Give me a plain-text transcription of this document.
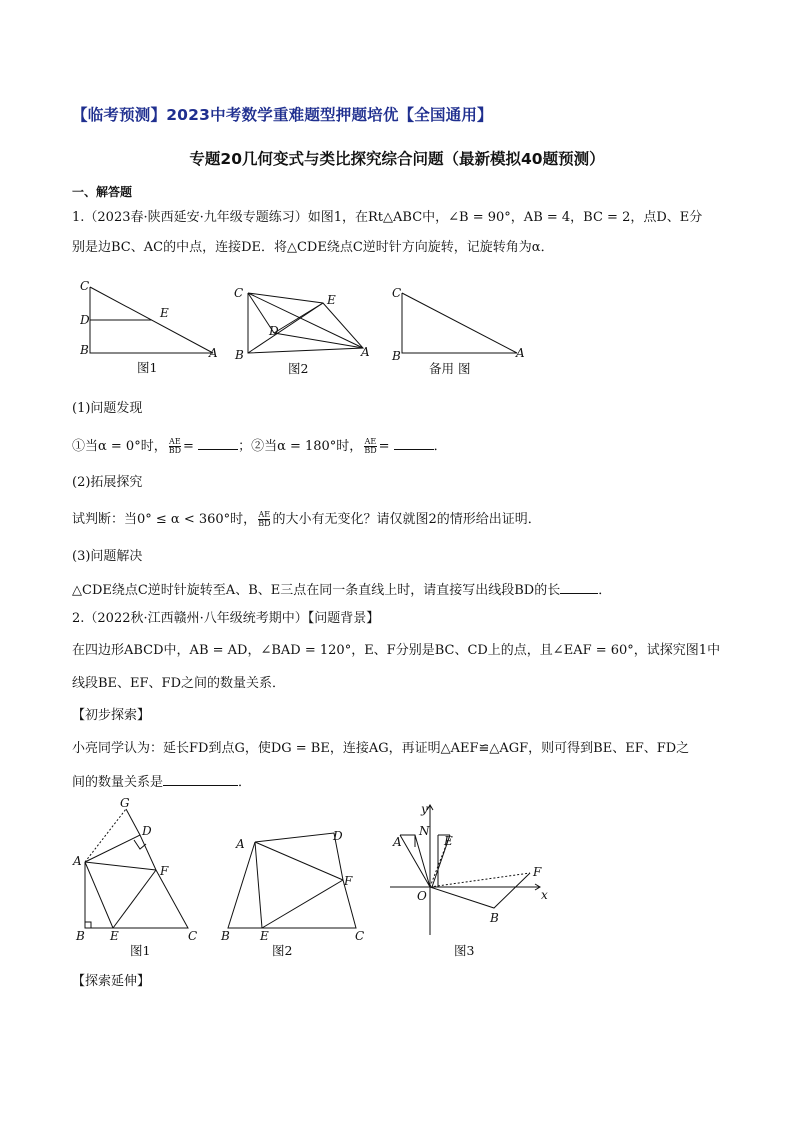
【临考预测】2023中考数学重难题型押题培优【全国通用】
专题20几何变式与类比探究综合问题（最新模拟40题预测）
一、解答题
1.（2023春·陕西延安·九年级专题练习）如图1，在Rt△ABC中，∠B = 90°，AB = 4，BC = 2，点D、E分
别是边BC、AC的中点，连接DE．将△CDE绕点C逆时针方向旋转，记旋转角为α．
C
D
B
E
A
C
B
D
E
A
C
B	A
图1	图2	备用 图
(1)问题发现
①当α = 0°时， $\frac{AE}{BD}$ =	；②当α = 180°时， $\frac{AE}{BD}$ =	．
(2)拓展探究
试判断：当0° ≤ α < 360°时， $\frac{AE}{BD}$ 的大小有无变化？请仅就图2的情形给出证明．
(3)问题解决
△CDE绕点C逆时针旋转至A、B、E三点在同一条直线上时，请直接写出线段BD的长	．
2.（2022秋·江西赣州·八年级统考期中）【问题背景】
在四边形ABCD中，AB = AD，∠BAD = 120°，E、F分别是BC、CD上的点，且∠EAF = 60°，试探究图1中
线段BE、EF、FD之间的数量关系．
【初步探索】
小亮同学认为：延长FD到点G，使DG = BE，连接AG，再证明△AEF≌△AGF，则可得到BE、EF、FD之
间的数量关系是	．
G
D
A
F
B E	C
A
D
F
B	E	C
y
x
N
A	E
F
O
B
图1	图2	图3
【探索延伸】
